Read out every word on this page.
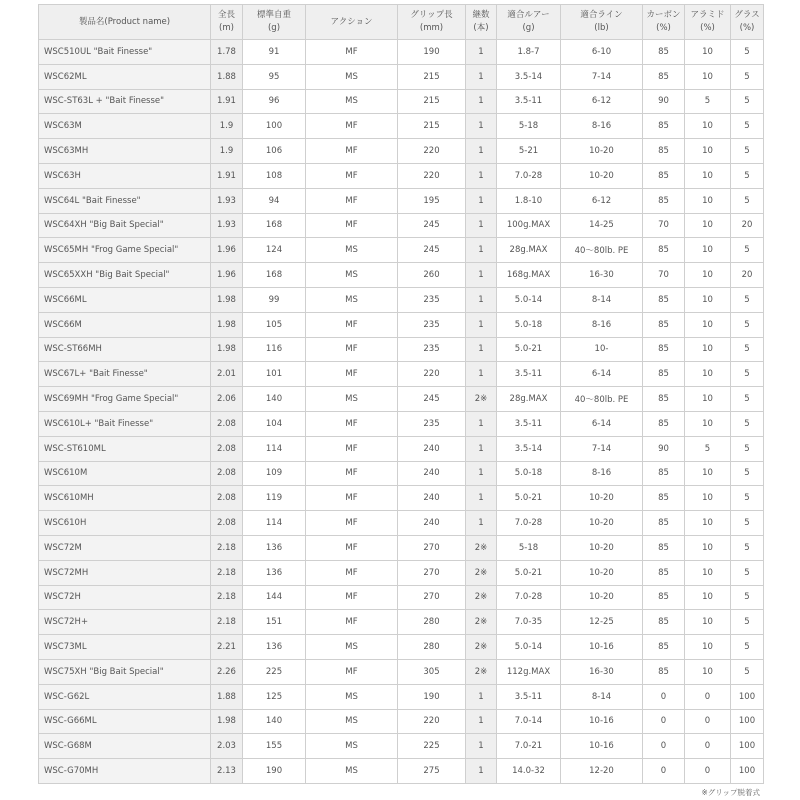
製品名(Product name)	全長
(m)	標準自重
(g)	アクション	グリップ長
(mm)	継数
(本)	適合ルアー
(g)	適合ライン
(lb)	カーボン
(%)	アラミド
(%)	グラス
(%)

WSC510UL "Bait Finesse"	1.78	91	MF	190	1	1.8-7	6-10	85	10	5
WSC62ML	1.88	95	MS	215	1	3.5-14	7-14	85	10	5
WSC-ST63L + "Bait Finesse"	1.91	96	MS	215	1	3.5-11	6-12	90	5	5
WSC63M	1.9	100	MF	215	1	5-18	8-16	85	10	5
WSC63MH	1.9	106	MF	220	1	5-21	10-20	85	10	5
WSC63H	1.91	108	MF	220	1	7.0-28	10-20	85	10	5
WSC64L "Bait Finesse"	1.93	94	MF	195	1	1.8-10	6-12	85	10	5
WSC64XH "Big Bait Special"	1.93	168	MF	245	1	100g.MAX	14-25	70	10	20
WSC65MH "Frog Game Special"	1.96	124	MS	245	1	28g.MAX	40〜80lb. PE	85	10	5
WSC65XXH "Big Bait Special"	1.96	168	MS	260	1	168g.MAX	16-30	70	10	20
WSC66ML	1.98	99	MS	235	1	5.0-14	8-14	85	10	5
WSC66M	1.98	105	MF	235	1	5.0-18	8-16	85	10	5
WSC-ST66MH	1.98	116	MF	235	1	5.0-21	10-	85	10	5
WSC67L+ "Bait Finesse"	2.01	101	MF	220	1	3.5-11	6-14	85	10	5
WSC69MH "Frog Game Special"	2.06	140	MS	245	2※	28g.MAX	40〜80lb. PE	85	10	5
WSC610L+ "Bait Finesse"	2.08	104	MF	235	1	3.5-11	6-14	85	10	5
WSC-ST610ML	2.08	114	MF	240	1	3.5-14	7-14	90	5	5
WSC610M	2.08	109	MF	240	1	5.0-18	8-16	85	10	5
WSC610MH	2.08	119	MF	240	1	5.0-21	10-20	85	10	5
WSC610H	2.08	114	MF	240	1	7.0-28	10-20	85	10	5
WSC72M	2.18	136	MF	270	2※	5-18	10-20	85	10	5
WSC72MH	2.18	136	MF	270	2※	5.0-21	10-20	85	10	5
WSC72H	2.18	144	MF	270	2※	7.0-28	10-20	85	10	5
WSC72H+	2.18	151	MF	280	2※	7.0-35	12-25	85	10	5
WSC73ML	2.21	136	MS	280	2※	5.0-14	10-16	85	10	5
WSC75XH "Big Bait Special"	2.26	225	MF	305	2※	112g.MAX	16-30	85	10	5
WSC-G62L	1.88	125	MS	190	1	3.5-11	8-14	0	0	100
WSC-G66ML	1.98	140	MS	220	1	7.0-14	10-16	0	0	100
WSC-G68M	2.03	155	MS	225	1	7.0-21	10-16	0	0	100
WSC-G70MH	2.13	190	MS	275	1	14.0-32	12-20	0	0	100
※グリップ脱着式
